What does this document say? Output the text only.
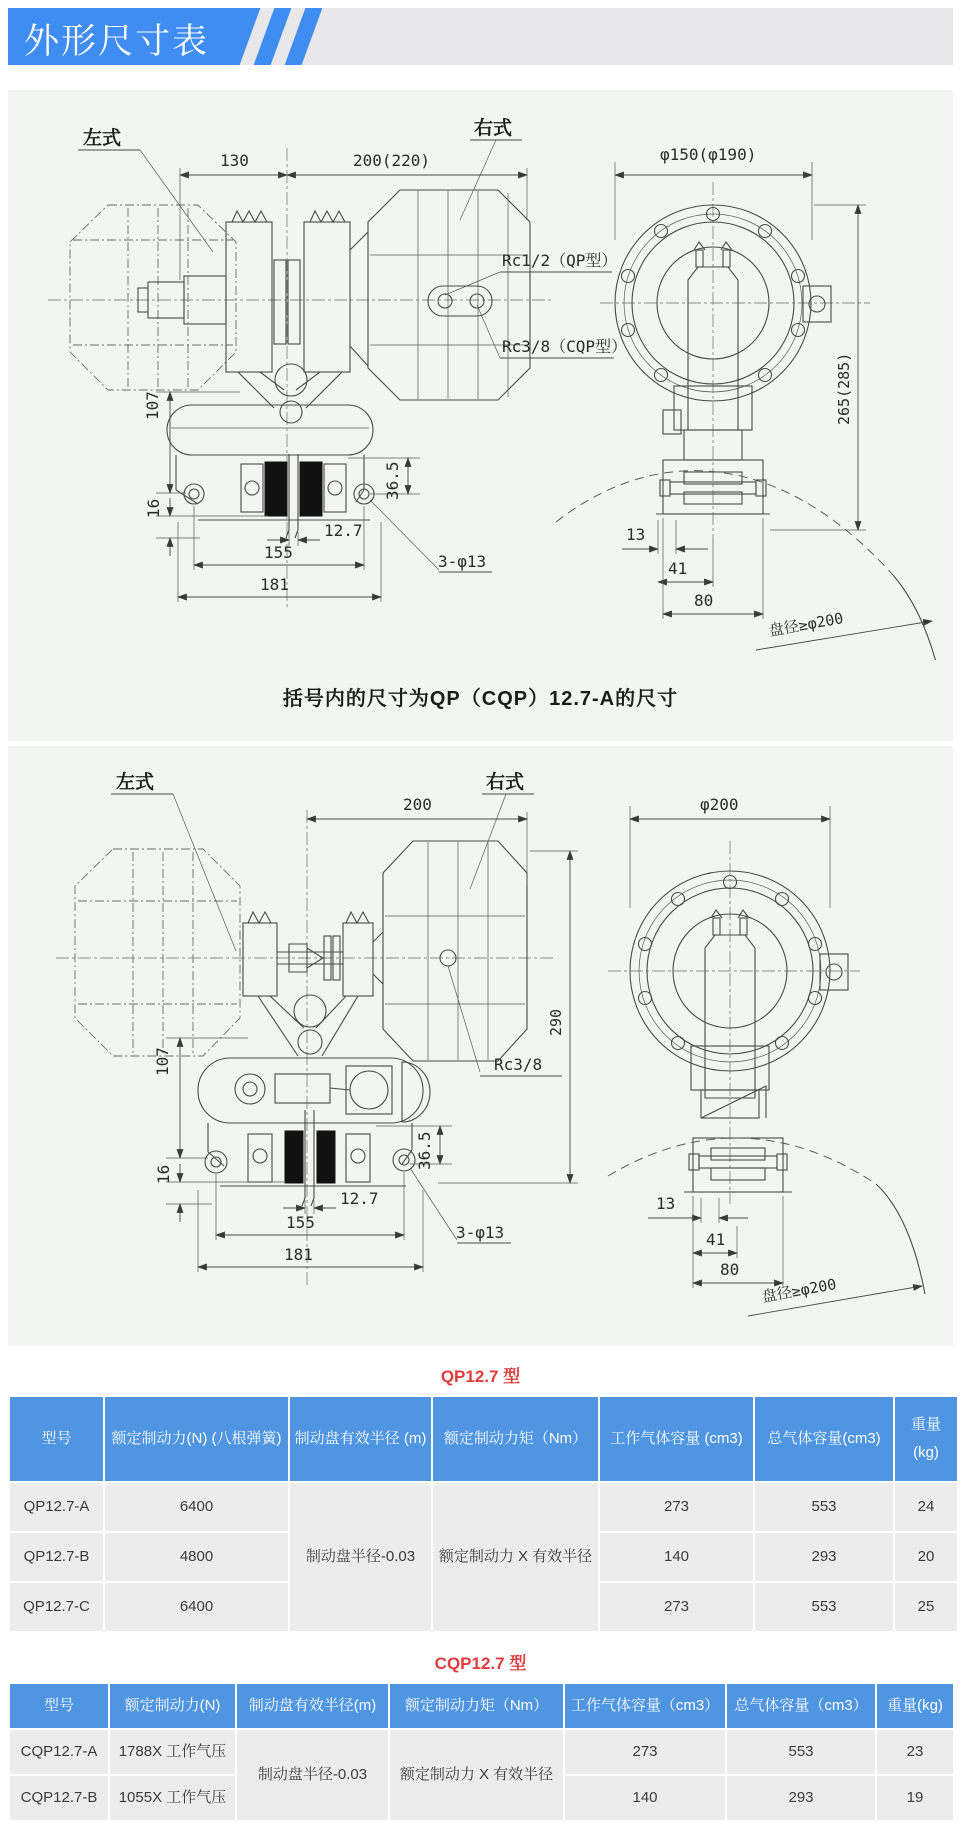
外形尺寸表
左式	右式
Rc1/2（QP型）
Rc3/8（CQP型）
130	200(220)	φ150(φ190)
265(285)
13
41
80
盘径≥φ200
107
16
36.5
12.7
155
181
3-φ13
括号内的尺寸为QP（CQP）12.7-A的尺寸
左式	右式
Rc3/8
200
290
φ200
13
41
80
盘径≥φ200
107
16
36.5
12.7
155
181
3-φ13
QP12.7 型
型号	额定制动力(N) (八根弹簧)	制动盘有效半径 (m)	额定制动力矩（Nm）	工作气体容量 (cm3)	总气体容量(cm3)	重量 (kg)
QP12.7-A	6400	制动盘半径-0.03	额定制动力 X 有效半径	273	553	24
QP12.7-B	4800			140	293	20
QP12.7-C	6400			273	553	25
CQP12.7 型
型号	额定制动力(N)	制动盘有效半径(m)	额定制动力矩（Nm）	工作气体容量（cm3）	总气体容量（cm3）	重量(kg)
CQP12.7-A	1788X 工作气压	制动盘半径-0.03	额定制动力 X 有效半径	273	553	23
CQP12.7-B	1055X 工作气压			140	293	19
